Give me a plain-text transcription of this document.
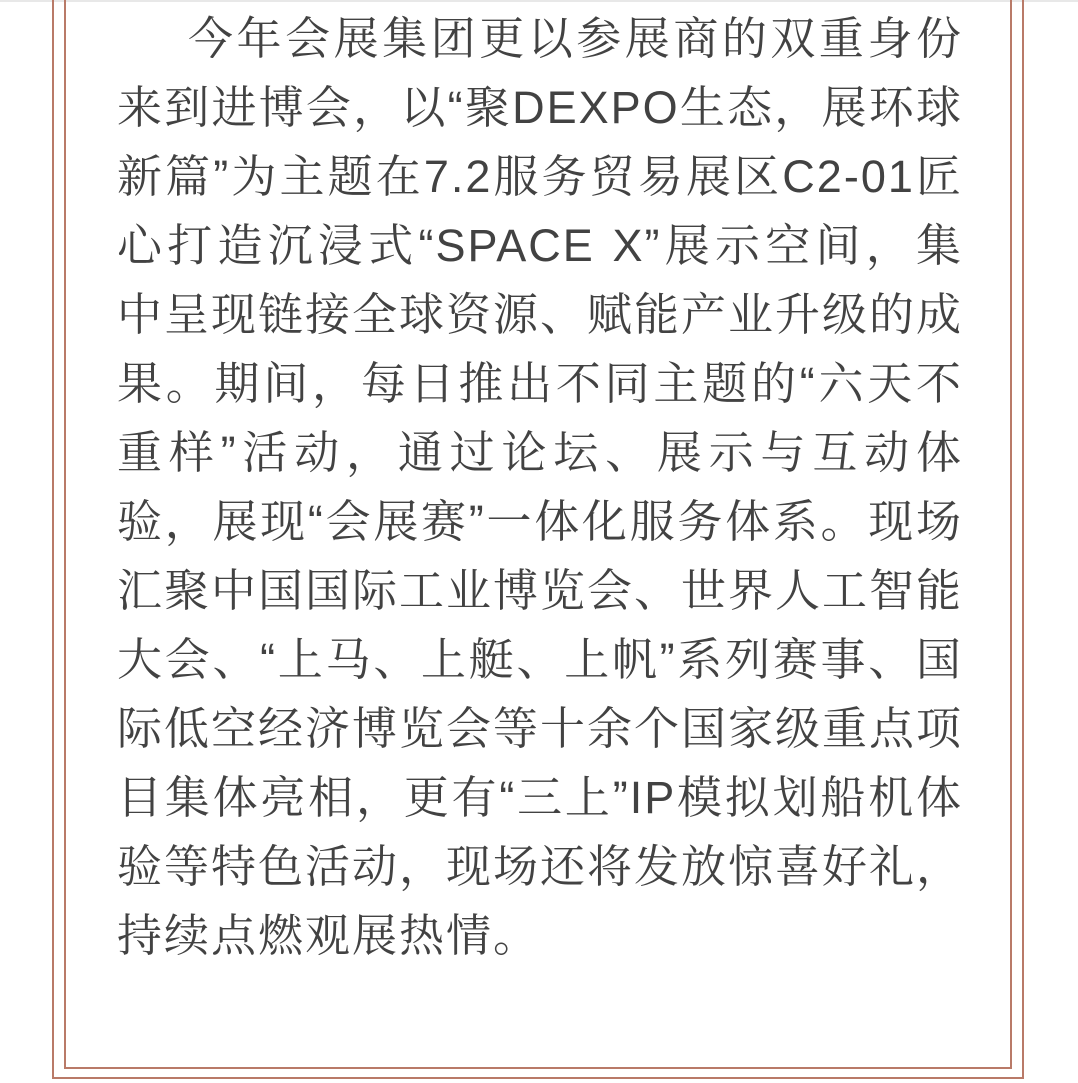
今年会展集团更以参展商的双重身份来到进博会，以“聚DEXPO生态，展环球新篇”为主题在7.2服务贸易展区C2-01匠心打造沉浸式“SPACE X”展示空间，集中呈现链接全球资源、赋能产业升级的成果。期间，每日推出不同主题的“六天不重样”活动，通过论坛、展示与互动体验，展现“会展赛”一体化服务体系。现场汇聚中国国际工业博览会、世界人工智能大会、“上马、上艇、上帆”系列赛事、国际低空经济博览会等十余个国家级重点项目集体亮相，更有“三上”IP模拟划船机体验等特色活动，现场还将发放惊喜好礼，持续点燃观展热情。
